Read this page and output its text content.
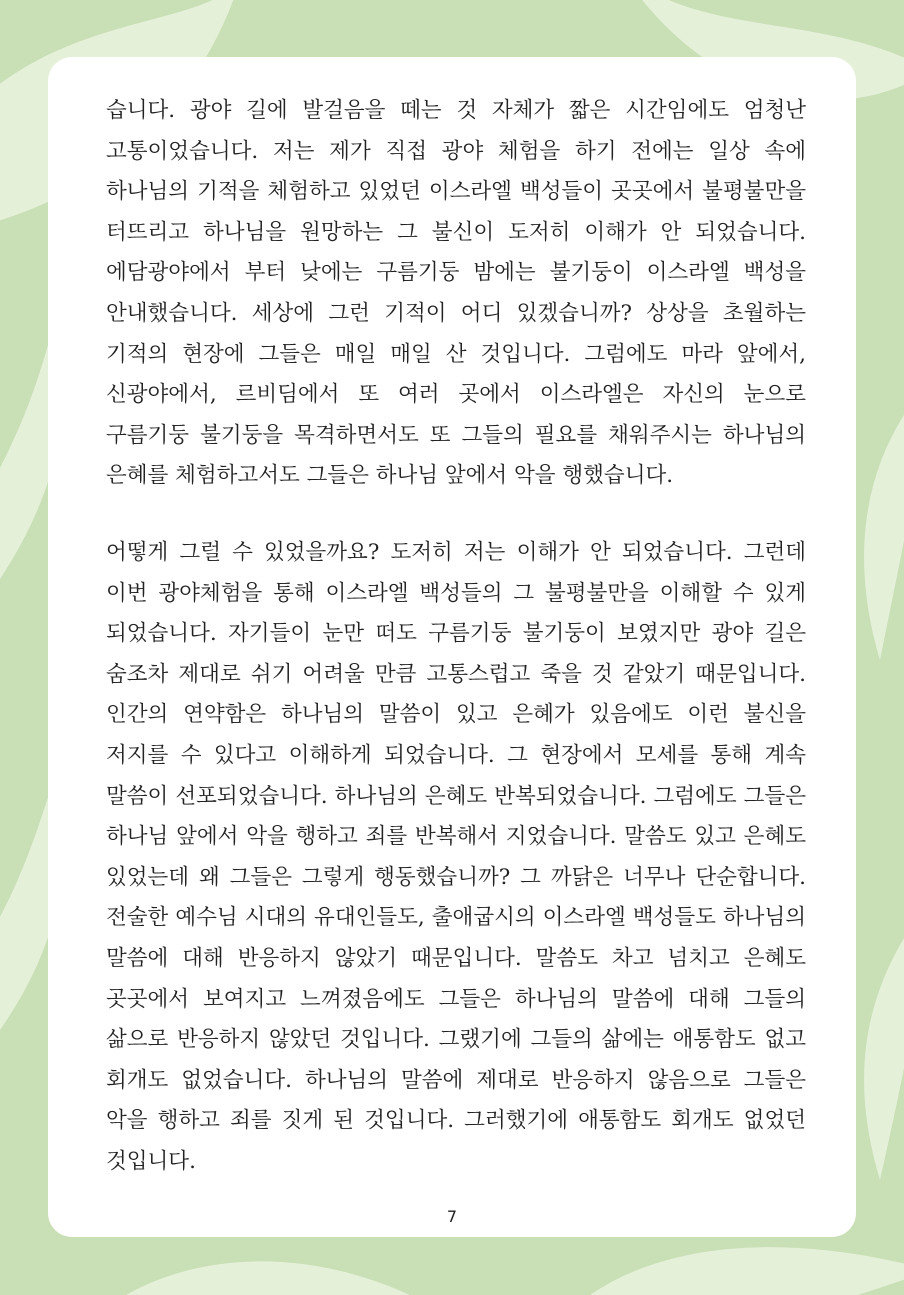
습니다. 광야 길에 발걸음을 떼는 것 자체가 짧은 시간임에도 엄청난 고통이었습니다. 저는 제가 직접 광야 체험을 하기 전에는 일상 속에 하나님의 기적을 체험하고 있었던 이스라엘 백성들이 곳곳에서 불평불만을 터뜨리고 하나님을 원망하는 그 불신이 도저히 이해가 안 되었습니다. 에담광야에서 부터 낮에는 구름기둥 밤에는 불기둥이 이스라엘 백성을 안내했습니다. 세상에 그런 기적이 어디 있겠습니까? 상상을 초월하는 기적의 현장에 그들은 매일 매일 산 것입니다. 그럼에도 마라 앞에서, 신광야에서, 르비딤에서 또 여러 곳에서 이스라엘은 자신의 눈으로 구름기둥 불기둥을 목격하면서도 또 그들의 필요를 채워주시는 하나님의 은혜를 체험하고서도 그들은 하나님 앞에서 악을 행했습니다.

어떻게 그럴 수 있었을까요? 도저히 저는 이해가 안 되었습니다. 그런데 이번 광야체험을 통해 이스라엘 백성들의 그 불평불만을 이해할 수 있게 되었습니다. 자기들이 눈만 떠도 구름기둥 불기둥이 보였지만 광야 길은 숨조차 제대로 쉬기 어려울 만큼 고통스럽고 죽을 것 같았기 때문입니다. 인간의 연약함은 하나님의 말씀이 있고 은혜가 있음에도 이런 불신을 저지를 수 있다고 이해하게 되었습니다. 그 현장에서 모세를 통해 계속 말씀이 선포되었습니다. 하나님의 은혜도 반복되었습니다. 그럼에도 그들은 하나님 앞에서 악을 행하고 죄를 반복해서 지었습니다. 말씀도 있고 은혜도 있었는데 왜 그들은 그렇게 행동했습니까? 그 까닭은 너무나 단순합니다. 전술한 예수님 시대의 유대인들도, 출애굽시의 이스라엘 백성들도 하나님의 말씀에 대해 반응하지 않았기 때문입니다. 말씀도 차고 넘치고 은혜도 곳곳에서 보여지고 느껴졌음에도 그들은 하나님의 말씀에 대해 그들의 삶으로 반응하지 않았던 것입니다. 그랬기에 그들의 삶에는 애통함도 없고 회개도 없었습니다. 하나님의 말씀에 제대로 반응하지 않음으로 그들은 악을 행하고 죄를 짓게 된 것입니다. 그러했기에 애통함도 회개도 없었던 것입니다.

7
